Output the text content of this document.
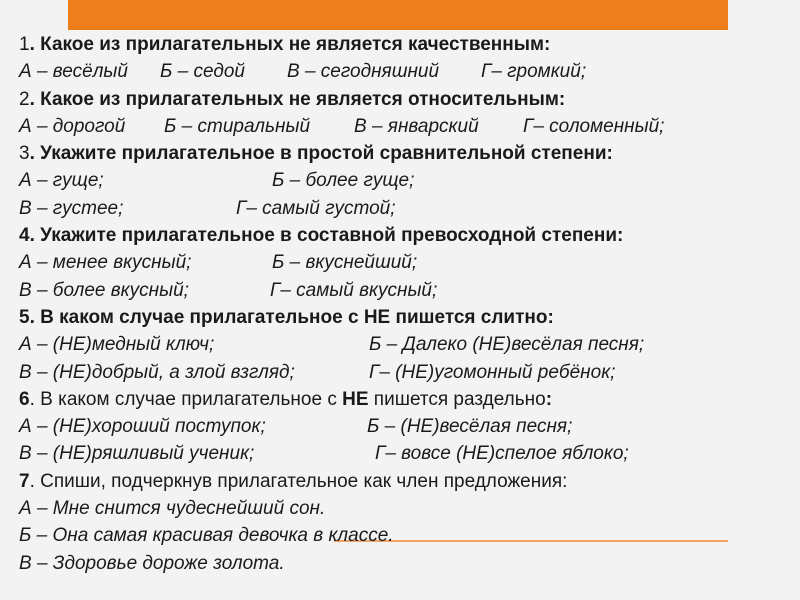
1. Какое из прилагательных не является качественным:
А – весёлый Б – седой В – сегодняшний Г– громкий;
2. Какое из прилагательных не является относительным:
А – дорогой Б – стиральный В – январский Г– соломенный;
3. Укажите прилагательное в простой сравнительной степени:
А – гуще;	Б – более гуще;
В – густее;	Г– самый густой;
4. Укажите прилагательное в составной превосходной степени:
А – менее вкусный;	Б – вкуснейший;
В – более вкусный;	Г– самый вкусный;
5. В каком случае прилагательное с НЕ пишется слитно:
А – (НЕ)медный ключ;	Б – Далеко (НЕ)весёлая песня;
В – (НЕ)добрый, а злой взгляд;	Г– (НЕ)угомонный ребёнок;
6. В каком случае прилагательное с НЕ пишется раздельно:
А – (НЕ)хороший поступок;	Б – (НЕ)весёлая песня;
В – (НЕ)ряшливый ученик;	Г– вовсе (НЕ)спелое яблоко;
7. Спиши, подчеркнув прилагательное как член предложения:
А – Мне снится чудеснейший сон.
Б – Она самая красивая девочка в классе.
В – Здоровье дороже золота.
